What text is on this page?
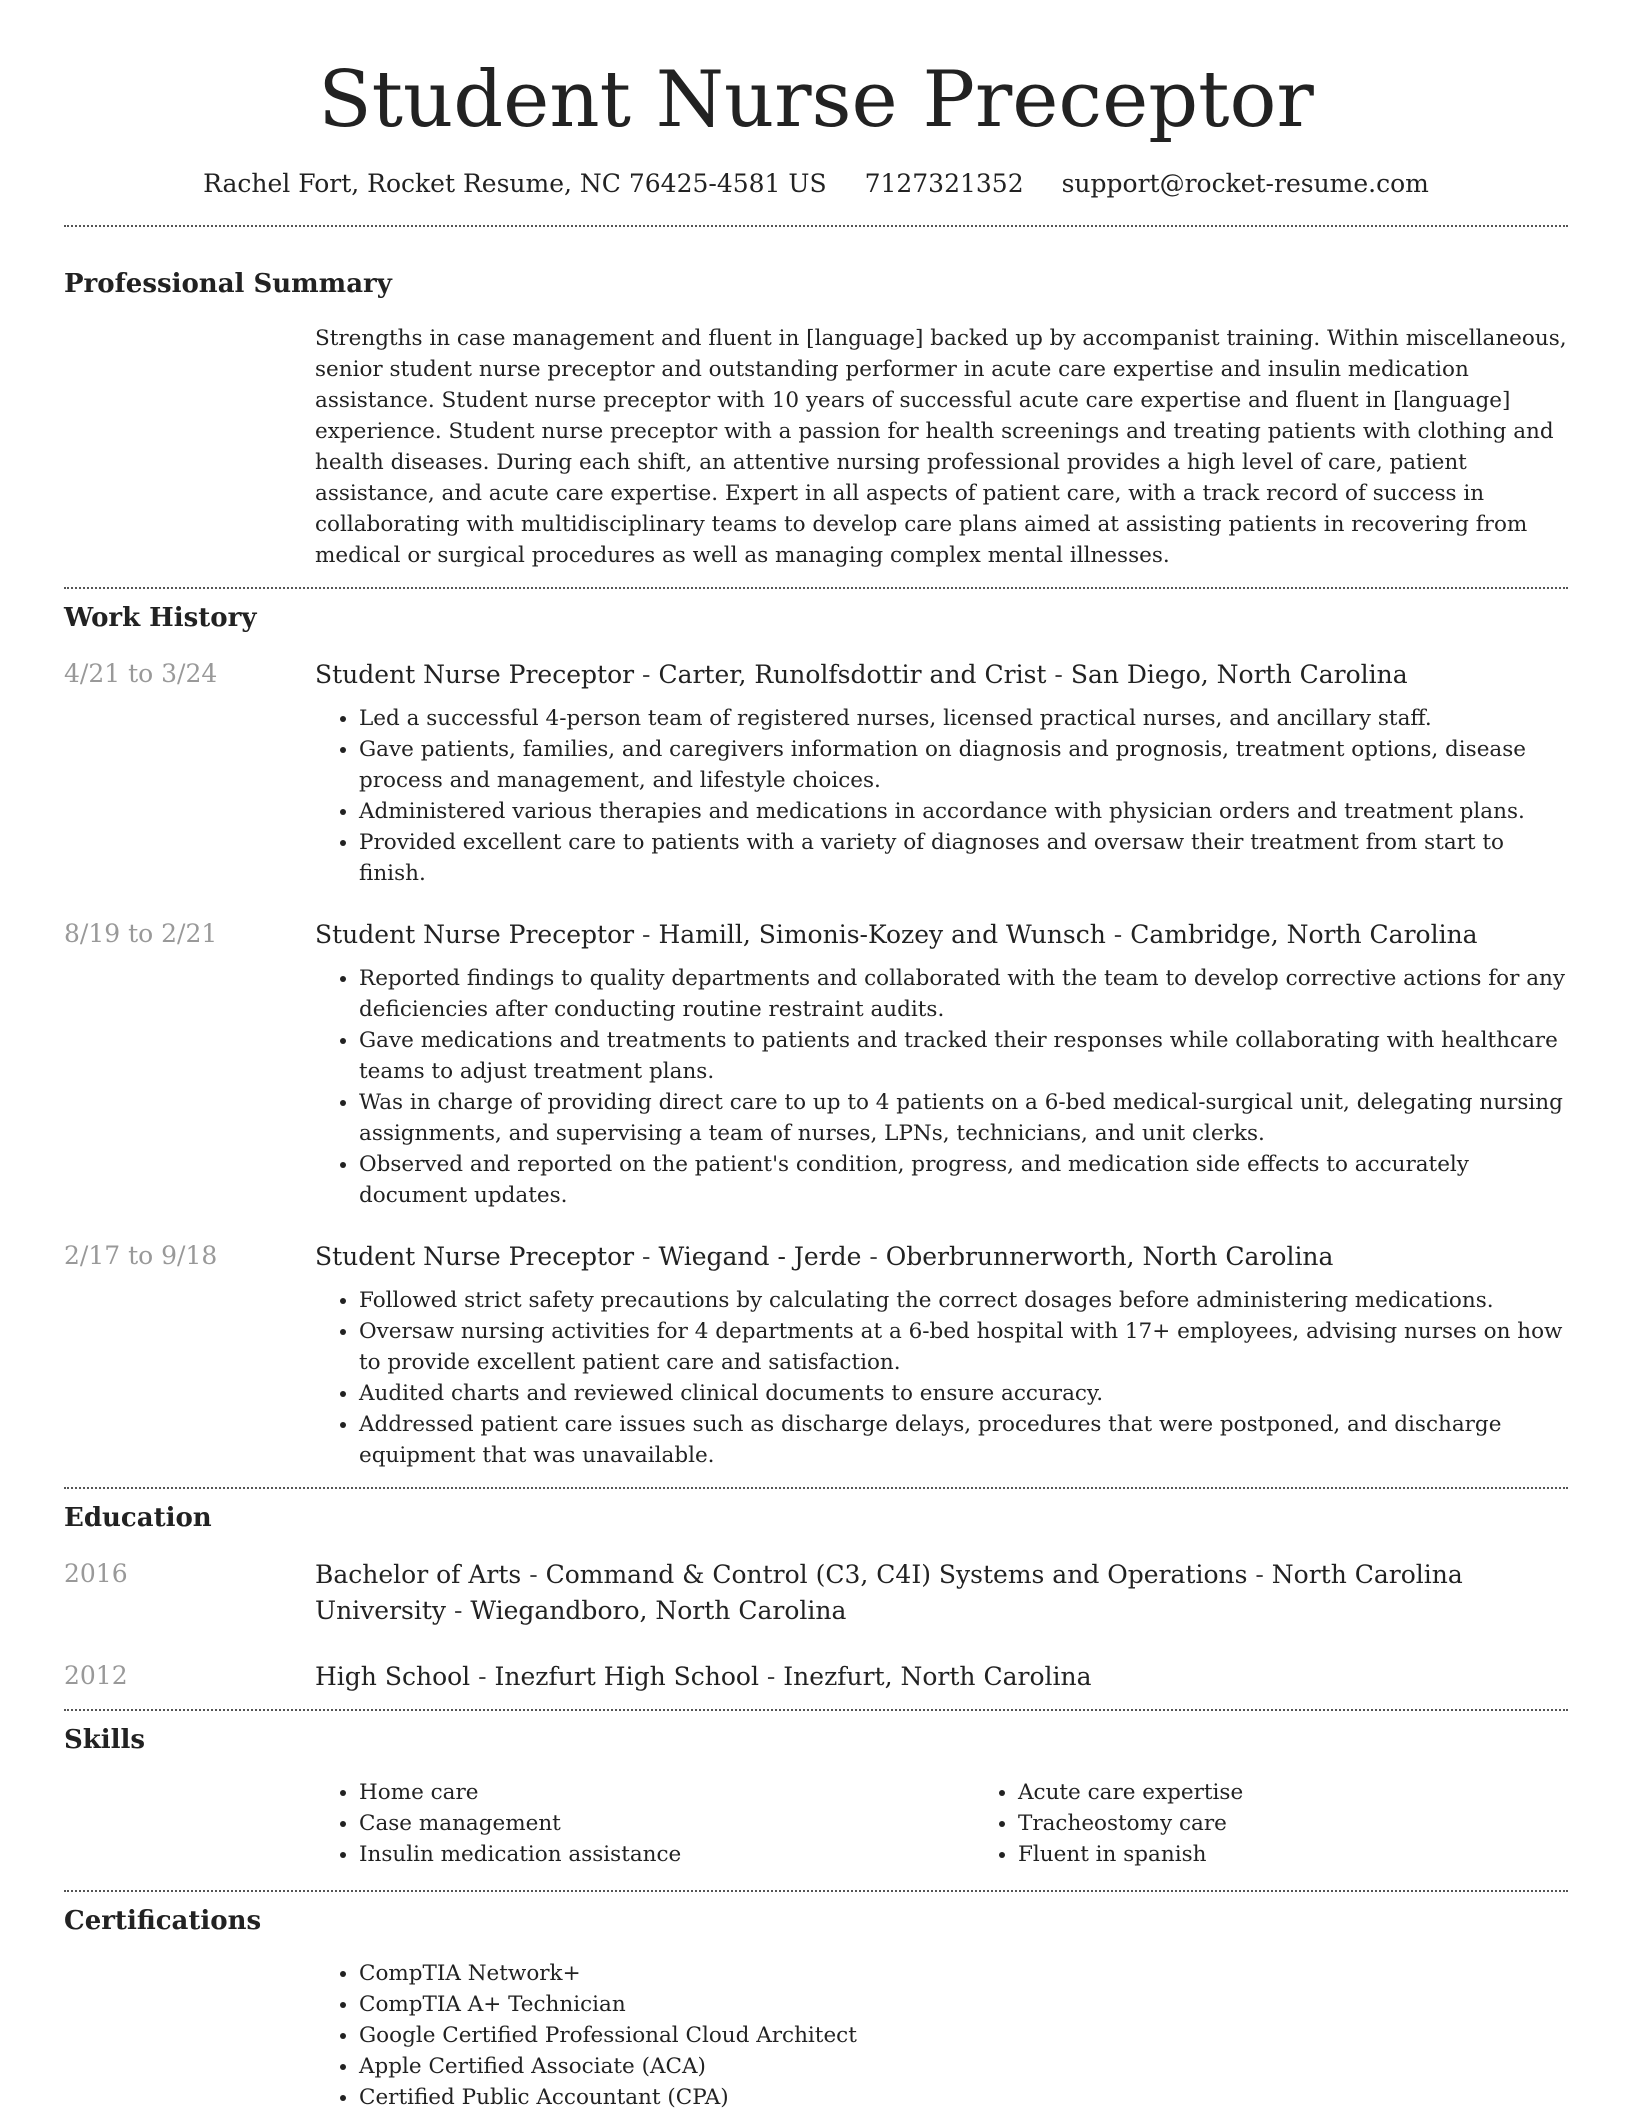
Student Nurse Preceptor
Rachel Fort, Rocket Resume, NC 76425-4581 US 7127321352 support@rocket-resume.com
Professional Summary
Strengths in case management and fluent in [language] backed up by accompanist training. Within miscellaneous, senior student nurse preceptor and outstanding performer in acute care expertise and insulin medication assistance. Student nurse preceptor with 10 years of successful acute care expertise and fluent in [language] experience. Student nurse preceptor with a passion for health screenings and treating patients with clothing and health diseases. During each shift, an attentive nursing professional provides a high level of care, patient assistance, and acute care expertise. Expert in all aspects of patient care, with a track record of success in collaborating with multidisciplinary teams to develop care plans aimed at assisting patients in recovering from medical or surgical procedures as well as managing complex mental illnesses.
Work History
4/21 to 3/24	Student Nurse Preceptor - Carter, Runolfsdottir and Crist - San Diego, North Carolina
• Led a successful 4-person team of registered nurses, licensed practical nurses, and ancillary staff.
• Gave patients, families, and caregivers information on diagnosis and prognosis, treatment options, disease process and management, and lifestyle choices.
• Administered various therapies and medications in accordance with physician orders and treatment plans.
• Provided excellent care to patients with a variety of diagnoses and oversaw their treatment from start to finish.
8/19 to 2/21	Student Nurse Preceptor - Hamill, Simonis-Kozey and Wunsch - Cambridge, North Carolina
• Reported findings to quality departments and collaborated with the team to develop corrective actions for any deficiencies after conducting routine restraint audits.
• Gave medications and treatments to patients and tracked their responses while collaborating with healthcare teams to adjust treatment plans.
• Was in charge of providing direct care to up to 4 patients on a 6-bed medical-surgical unit, delegating nursing assignments, and supervising a team of nurses, LPNs, technicians, and unit clerks.
• Observed and reported on the patient's condition, progress, and medication side effects to accurately document updates.
2/17 to 9/18	Student Nurse Preceptor - Wiegand - Jerde - Oberbrunnerworth, North Carolina
• Followed strict safety precautions by calculating the correct dosages before administering medications.
• Oversaw nursing activities for 4 departments at a 6-bed hospital with 17+ employees, advising nurses on how to provide excellent patient care and satisfaction.
• Audited charts and reviewed clinical documents to ensure accuracy.
• Addressed patient care issues such as discharge delays, procedures that were postponed, and discharge equipment that was unavailable.
Education
2016	Bachelor of Arts - Command & Control (C3, C4I) Systems and Operations - North Carolina University - Wiegandboro, North Carolina
2012	High School - Inezfurt High School - Inezfurt, North Carolina
Skills
• Home care
• Case management
• Insulin medication assistance
• Acute care expertise
• Tracheostomy care
• Fluent in spanish
Certifications
• CompTIA Network+
• CompTIA A+ Technician
• Google Certified Professional Cloud Architect
• Apple Certified Associate (ACA)
• Certified Public Accountant (CPA)
